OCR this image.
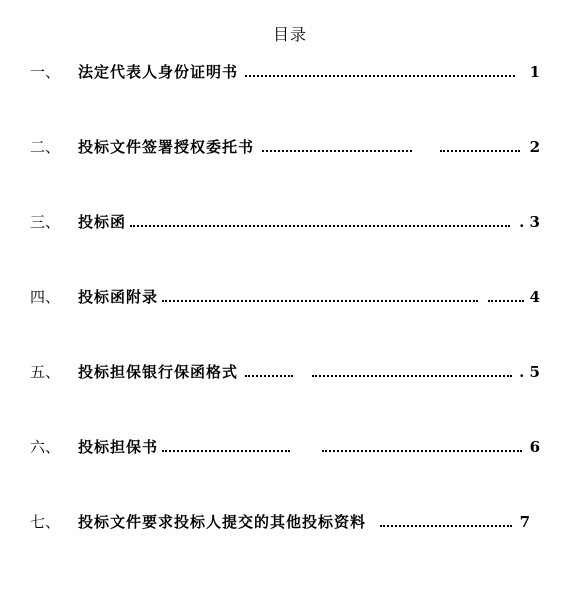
目录
一、 法定代表人身份证明书	1
二、 投标文件签署授权委托书	2
三、 投标函	. 3
四、 投标函附录	4
五、 投标担保银行保函格式	. 5
六、 投标担保书	6
七、 投标文件要求投标人提交的其他投标资料	7
